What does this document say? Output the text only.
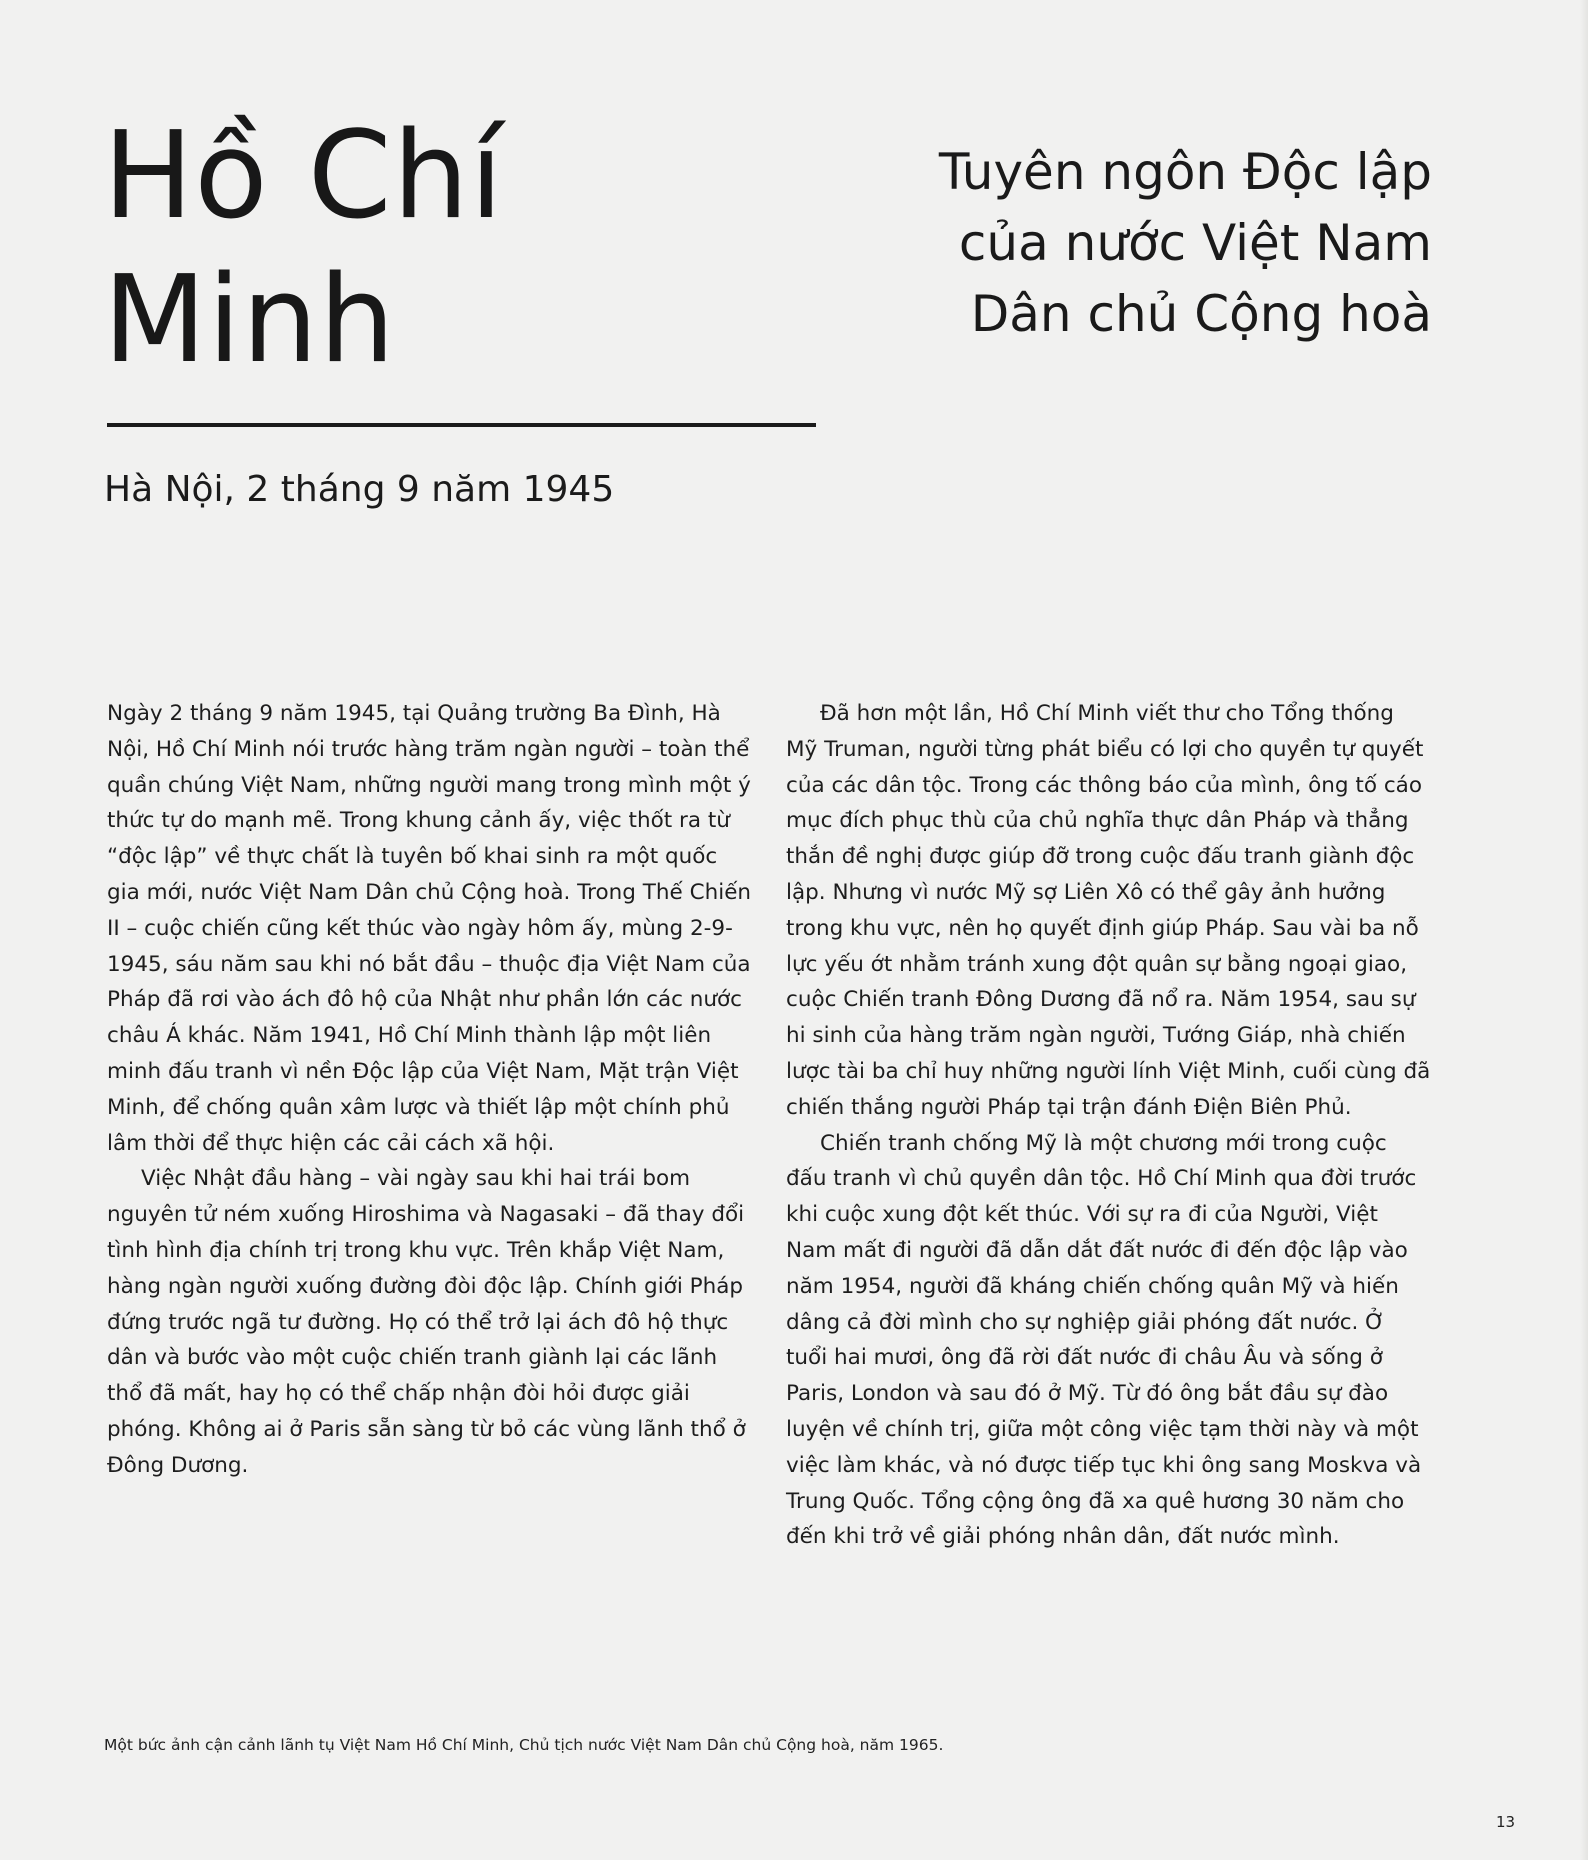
Hồ Chí
Minh
Tuyên ngôn Độc lập
của nước Việt Nam
Dân chủ Cộng hoà
Hà Nội, 2 tháng 9 năm 1945

Ngày 2 tháng 9 năm 1945, tại Quảng trường Ba Đình, Hà Nội, Hồ Chí Minh nói trước hàng trăm ngàn người – toàn thể quần chúng Việt Nam, những người mang trong mình một ý thức tự do mạnh mẽ. Trong khung cảnh ấy, việc thốt ra từ “độc lập” về thực chất là tuyên bố khai sinh ra một quốc gia mới, nước Việt Nam Dân chủ Cộng hoà. Trong Thế Chiến II – cuộc chiến cũng kết thúc vào ngày hôm ấy, mùng 2-9-1945, sáu năm sau khi nó bắt đầu – thuộc địa Việt Nam của Pháp đã rơi vào ách đô hộ của Nhật như phần lớn các nước châu Á khác. Năm 1941, Hồ Chí Minh thành lập một liên minh đấu tranh vì nền Độc lập của Việt Nam, Mặt trận Việt Minh, để chống quân xâm lược và thiết lập một chính phủ lâm thời để thực hiện các cải cách xã hội.

Việc Nhật đầu hàng – vài ngày sau khi hai trái bom nguyên tử ném xuống Hiroshima và Nagasaki – đã thay đổi tình hình địa chính trị trong khu vực. Trên khắp Việt Nam, hàng ngàn người xuống đường đòi độc lập. Chính giới Pháp đứng trước ngã tư đường. Họ có thể trở lại ách đô hộ thực dân và bước vào một cuộc chiến tranh giành lại các lãnh thổ đã mất, hay họ có thể chấp nhận đòi hỏi được giải phóng. Không ai ở Paris sẵn sàng từ bỏ các vùng lãnh thổ ở Đông Dương.

Đã hơn một lần, Hồ Chí Minh viết thư cho Tổng thống Mỹ Truman, người từng phát biểu có lợi cho quyền tự quyết của các dân tộc. Trong các thông báo của mình, ông tố cáo mục đích phục thù của chủ nghĩa thực dân Pháp và thẳng thắn đề nghị được giúp đỡ trong cuộc đấu tranh giành độc lập. Nhưng vì nước Mỹ sợ Liên Xô có thể gây ảnh hưởng trong khu vực, nên họ quyết định giúp Pháp. Sau vài ba nỗ lực yếu ớt nhằm tránh xung đột quân sự bằng ngoại giao, cuộc Chiến tranh Đông Dương đã nổ ra. Năm 1954, sau sự hi sinh của hàng trăm ngàn người, Tướng Giáp, nhà chiến lược tài ba chỉ huy những người lính Việt Minh, cuối cùng đã chiến thắng người Pháp tại trận đánh Điện Biên Phủ.

Chiến tranh chống Mỹ là một chương mới trong cuộc đấu tranh vì chủ quyền dân tộc. Hồ Chí Minh qua đời trước khi cuộc xung đột kết thúc. Với sự ra đi của Người, Việt Nam mất đi người đã dẫn dắt đất nước đi đến độc lập vào năm 1954, người đã kháng chiến chống quân Mỹ và hiến dâng cả đời mình cho sự nghiệp giải phóng đất nước. Ở tuổi hai mươi, ông đã rời đất nước đi châu Âu và sống ở Paris, London và sau đó ở Mỹ. Từ đó ông bắt đầu sự đào luyện về chính trị, giữa một công việc tạm thời này và một việc làm khác, và nó được tiếp tục khi ông sang Moskva và Trung Quốc. Tổng cộng ông đã xa quê hương 30 năm cho đến khi trở về giải phóng nhân dân, đất nước mình.

Một bức ảnh cận cảnh lãnh tụ Việt Nam Hồ Chí Minh, Chủ tịch nước Việt Nam Dân chủ Cộng hoà, năm 1965.

13
